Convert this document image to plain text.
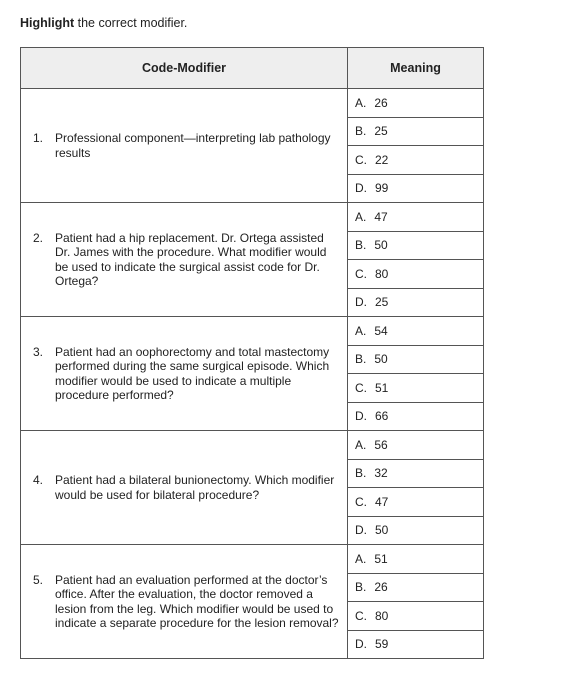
Highlight the correct modifier.
Code-Modifier	Meaning

1. Professional component—interpreting lab pathology results	A. 26
	B. 25
	C. 22
	D. 99

2. Patient had a hip replacement. Dr. Ortega assisted Dr. James with the procedure. What modifier would be used to indicate the surgical assist code for Dr. Ortega?	A. 47
	B. 50
	C. 80
	D. 25

3. Patient had an oophorectomy and total mastectomy performed during the same surgical episode. Which modifier would be used to indicate a multiple procedure performed?	A. 54
	B. 50
	C. 51
	D. 66

4. Patient had a bilateral bunionectomy. Which modifier would be used for bilateral procedure?	A. 56
	B. 32
	C. 47
	D. 50

5. Patient had an evaluation performed at the doctor’s office. After the evaluation, the doctor removed a lesion from the leg. Which modifier would be used to indicate a separate procedure for the lesion removal?	A. 51
	B. 26
	C. 80
	D. 59
